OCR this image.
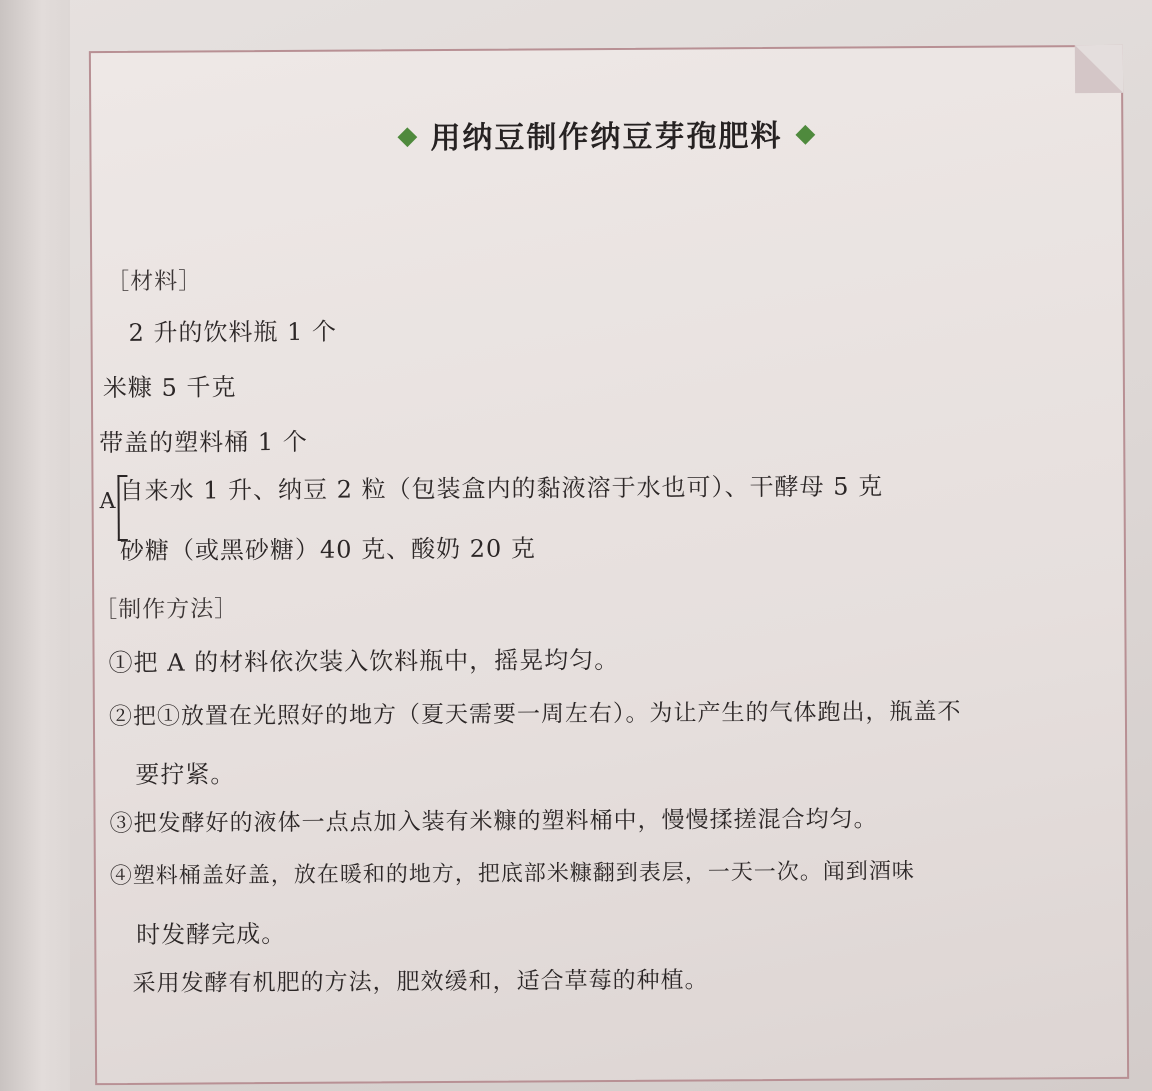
用纳豆制作纳豆芽孢肥料
［材料］
2 升的饮料瓶 1 个
米糠 5 千克
带盖的塑料桶 1 个
A 自来水 1 升、纳豆 2 粒（包装盒内的黏液溶于水也可）、干酵母 5 克
砂糖（或黑砂糖）40 克、酸奶 20 克
［制作方法］
①把 A 的材料依次装入饮料瓶中，摇晃均匀。
②把①放置在光照好的地方（夏天需要一周左右）。为让产生的气体跑出，瓶盖不
要拧紧。
③把发酵好的液体一点点加入装有米糠的塑料桶中，慢慢揉搓混合均匀。
④塑料桶盖好盖，放在暖和的地方，把底部米糠翻到表层，一天一次。闻到酒味
时发酵完成。
采用发酵有机肥的方法，肥效缓和，适合草莓的种植。
